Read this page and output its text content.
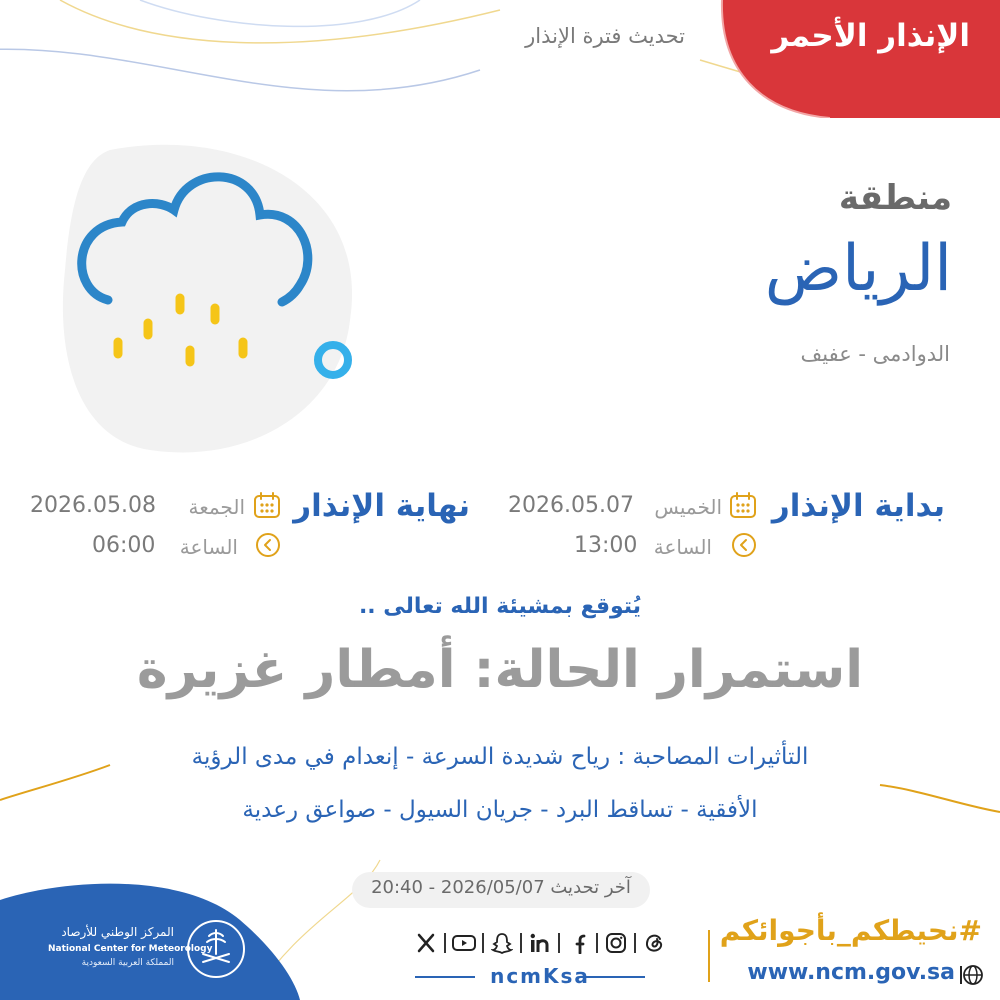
الإنذار الأحمر
تحديث فترة الإنذار
منطقة
الرياض
الدوادمى - عفيف
بداية الإنذار
الخميس
2026.05.07
الساعة
13:00
نهاية الإنذار
الجمعة
2026.05.08
الساعة
06:00
يُتوقع بمشيئة الله تعالى ..
استمرار الحالة: أمطار غزيرة
التأثيرات المصاحبة : رياح شديدة السرعة - إنعدام في مدى الرؤية
الأفقية - تساقط البرد - جريان السيول - صواعق رعدية
آخر تحديث 2026/05/07 - 20:40
المركز الوطني للأرصاد
National Center for Meteorology
المملكة العربية السعودية
ncmKsa
#نحيطكم_بأجوائكم
www.ncm.gov.sa
